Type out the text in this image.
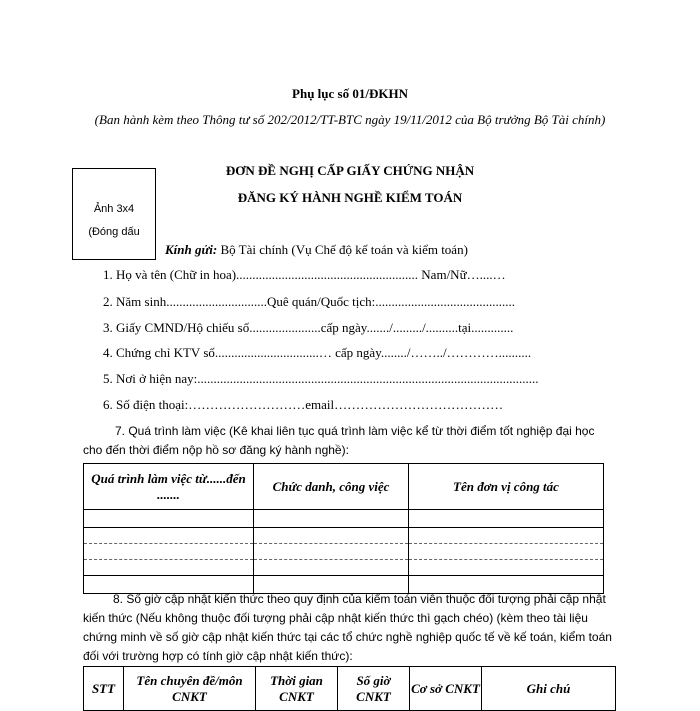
Phụ lục số 01/ĐKHN
(Ban hành kèm theo Thông tư số 202/2012/TT-BTC ngày 19/11/2012 của Bộ trưởng Bộ Tài chính)
ĐƠN ĐỀ NGHỊ CẤP GIẤY CHỨNG NHẬN
ĐĂNG KÝ HÀNH NGHỀ KIỂM TOÁN
Ảnh 3x4
(Đóng dấu
Kính gửi: Bộ Tài chính (Vụ Chế độ kế toán và kiểm toán)
1. Họ và tên (Chữ in hoa)........................................................ Nam/Nữ…....…
2. Năm sinh...............................Quê quán/Quốc tịch:...........................................
3. Giấy CMND/Hộ chiếu số......................cấp ngày......./........./..........tại.............
4. Chứng chỉ KTV số................................… cấp ngày......../……../…………..........
5. Nơi ở hiện nay:.........................................................................................................
6. Số điện thoại:………………………email…………………………………
7. Quá trình làm việc (Kê khai liên tục quá trình làm việc kể từ thời điểm tốt nghiệp đại học cho đến thời điểm nộp hồ sơ đăng ký hành nghề):
Quá trình làm việc từ......đến .......	Chức danh, công việc	Tên đơn vị công tác

8. Số giờ cập nhật kiến thức theo quy định của kiểm toán viên thuộc đối tượng phải cập nhật kiến thức (Nếu không thuộc đối tượng phải cập nhật kiến thức thì gạch chéo) (kèm theo tài liệu chứng minh về số giờ cập nhật kiến thức tại các tổ chức nghề nghiệp quốc tế về kế toán, kiểm toán đối với trường hợp có tính giờ cập nhật kiến thức):
STT	Tên chuyên đề/môn CNKT	Thời gian CNKT	Số giờ CNKT	Cơ sở CNKT	Ghi chú
